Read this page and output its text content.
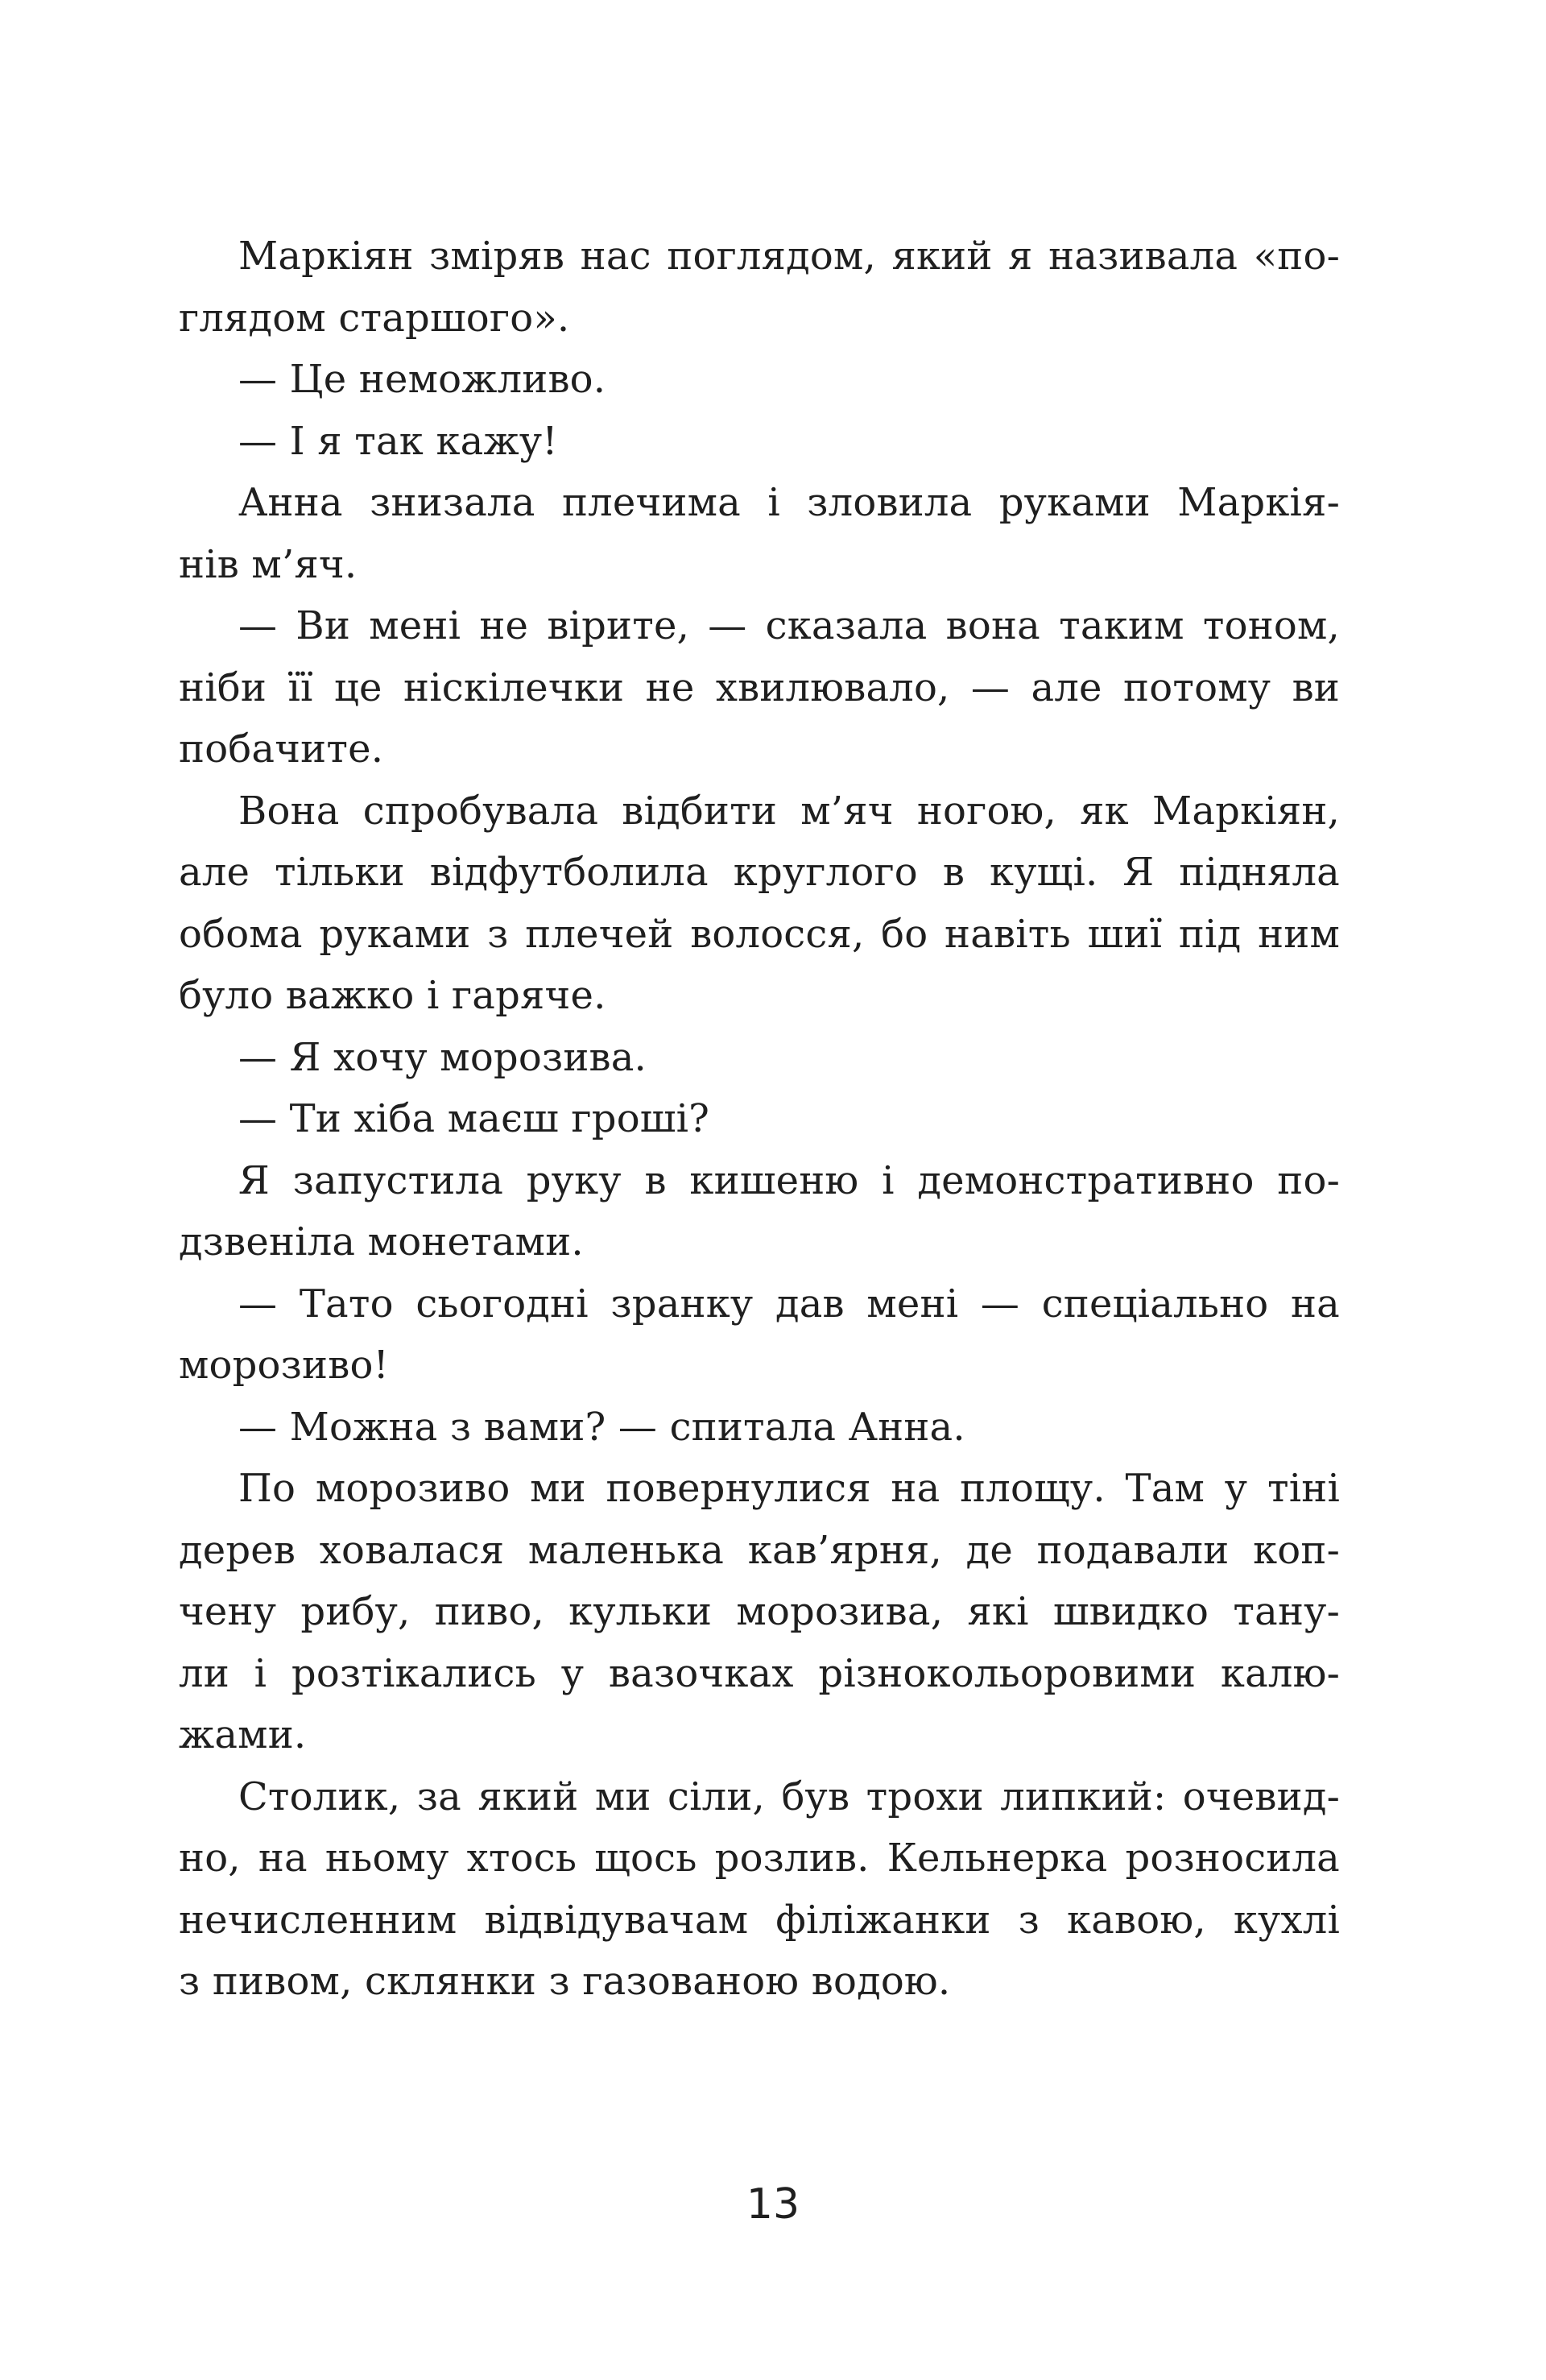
Маркіян зміряв нас поглядом, який я називала «по-
глядом старшого».
— Це неможливо.
— І я так кажу!
Анна знизала плечима і зловила руками Маркія-
нів м’яч.
— Ви мені не вірите, — сказала вона таким тоном,
ніби її це ніскілечки не хвилювало, — але потому ви
побачите.
Вона спробувала відбити м’яч ногою, як Маркіян,
але тільки відфутболила круглого в кущі. Я підняла
обома руками з плечей волосся, бо навіть шиї під ним
було важко і гаряче.
— Я хочу морозива.
— Ти хіба маєш гроші?
Я запустила руку в кишеню і демонстративно по-
дзвеніла монетами.
— Тато сьогодні зранку дав мені — спеціально на
морозиво!
— Можна з вами? — спитала Анна.
По морозиво ми повернулися на площу. Там у тіні
дерев ховалася маленька кав’ярня, де подавали коп-
чену рибу, пиво, кульки морозива, які швидко тану-
ли і розтікались у вазочках різнокольоровими калю-
жами.
Столик, за який ми сіли, був трохи липкий: очевид-
но, на ньому хтось щось розлив. Кельнерка розносила
нечисленним відвідувачам філіжанки з кавою, кухлі
з пивом, склянки з газованою водою.
13
